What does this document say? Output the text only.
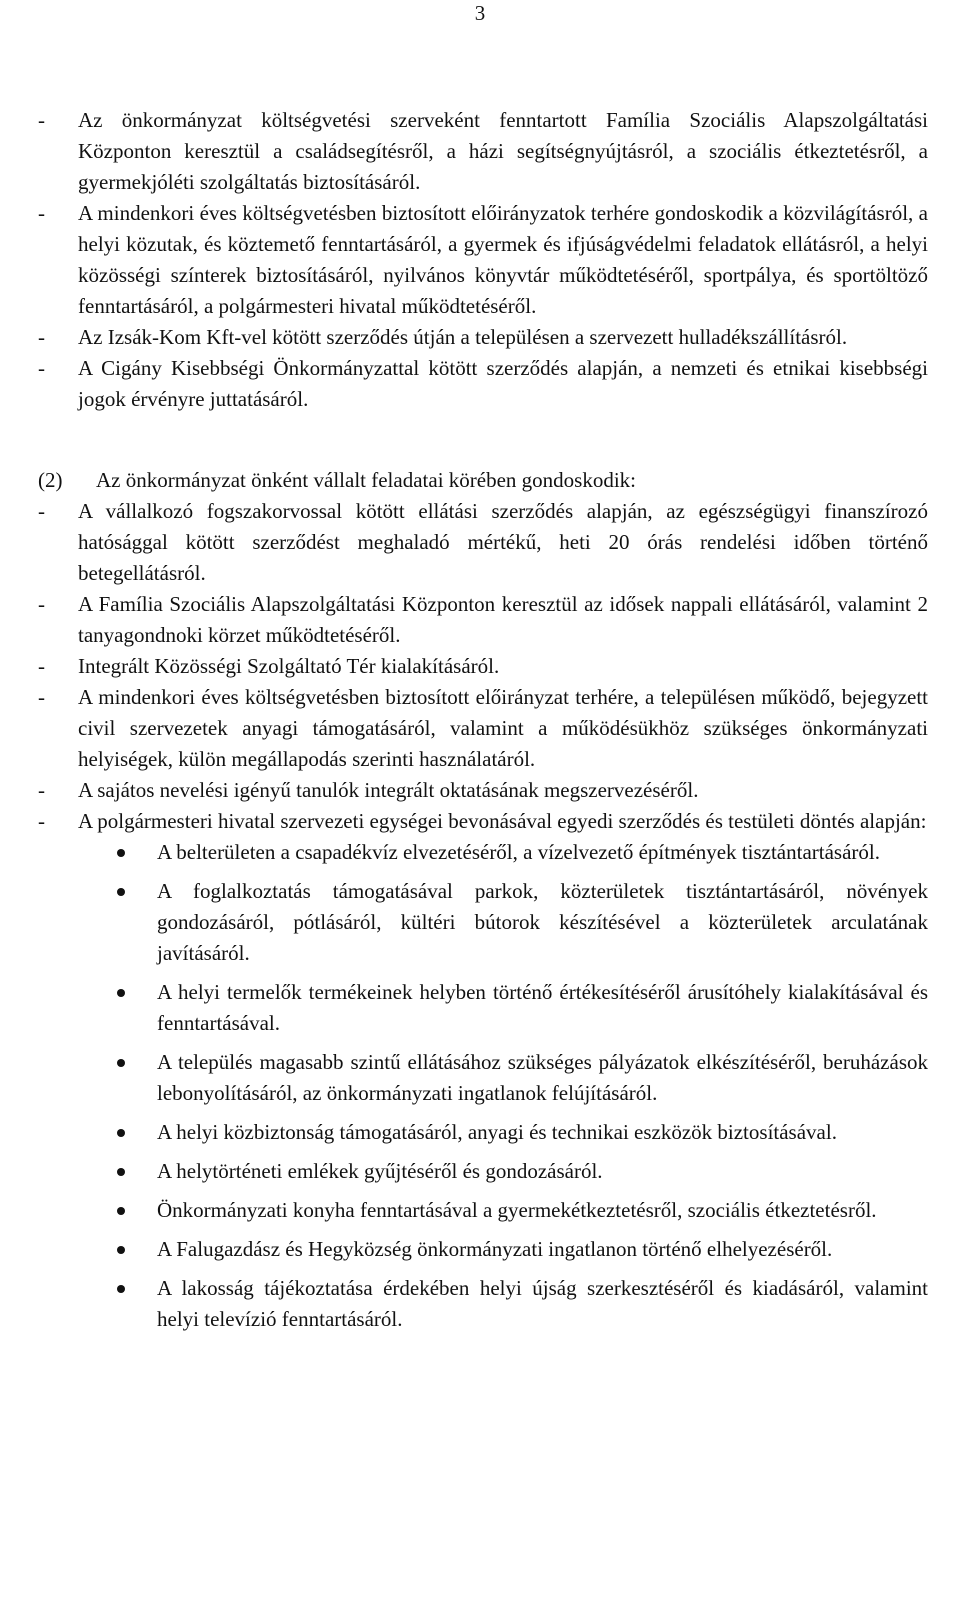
3
-	Az önkormányzat költségvetési szerveként fenntartott Família Szociális Alapszolgáltatási Központon keresztül a családsegítésről, a házi segítségnyújtásról, a szociális étkeztetésről, a gyermekjóléti szolgáltatás biztosításáról.
-	A mindenkori éves költségvetésben biztosított előirányzatok terhére gondoskodik a közvilágításról, a helyi közutak, és köztemető fenntartásáról, a gyermek és ifjúságvédelmi feladatok ellátásról, a helyi közösségi színterek biztosításáról, nyilvános könyvtár működtetéséről, sportpálya, és sportöltöző fenntartásáról, a polgármesteri hivatal működtetéséről.
-	Az Izsák-Kom Kft-vel kötött szerződés útján a településen a szervezett hulladékszállításról.
-	A Cigány Kisebbségi Önkormányzattal kötött szerződés alapján, a nemzeti és etnikai kisebbségi jogok érvényre juttatásáról.
(2)	Az önkormányzat önként vállalt feladatai körében gondoskodik:
-	A vállalkozó fogszakorvossal kötött ellátási szerződés alapján, az egészségügyi finanszírozó hatósággal kötött szerződést meghaladó mértékű, heti 20 órás rendelési időben történő betegellátásról.
-	A Família Szociális Alapszolgáltatási Központon keresztül az idősek nappali ellátásáról, valamint 2 tanyagondnoki körzet működtetéséről.
-	Integrált Közösségi Szolgáltató Tér kialakításáról.
-	A mindenkori éves költségvetésben biztosított előirányzat terhére, a településen működő, bejegyzett civil szervezetek anyagi támogatásáról, valamint a működésükhöz szükséges önkormányzati helyiségek, külön megállapodás szerinti használatáról.
-	A sajátos nevelési igényű tanulók integrált oktatásának megszervezéséről.
-	A polgármesteri hivatal szervezeti egységei bevonásával egyedi szerződés és testületi döntés alapján:
A belterületen a csapadékvíz elvezetéséről, a vízelvezető építmények tisztántartásáról.
A foglalkoztatás támogatásával parkok, közterületek tisztántartásáról, növények gondozásáról, pótlásáról, kültéri bútorok készítésével a közterületek arculatának javításáról.
A helyi termelők termékeinek helyben történő értékesítéséről árusítóhely kialakításával és fenntartásával.
A település magasabb szintű ellátásához szükséges pályázatok elkészítéséről, beruházások lebonyolításáról, az önkormányzati ingatlanok felújításáról.
A helyi közbiztonság támogatásáról, anyagi és technikai eszközök biztosításával.
A helytörténeti emlékek gyűjtéséről és gondozásáról.
Önkormányzati konyha fenntartásával a gyermekétkeztetésről, szociális étkeztetésről.
A Falugazdász és Hegyközség önkormányzati ingatlanon történő elhelyezéséről.
A lakosság tájékoztatása érdekében helyi újság szerkesztéséről és kiadásáról, valamint helyi televízió fenntartásáról.
